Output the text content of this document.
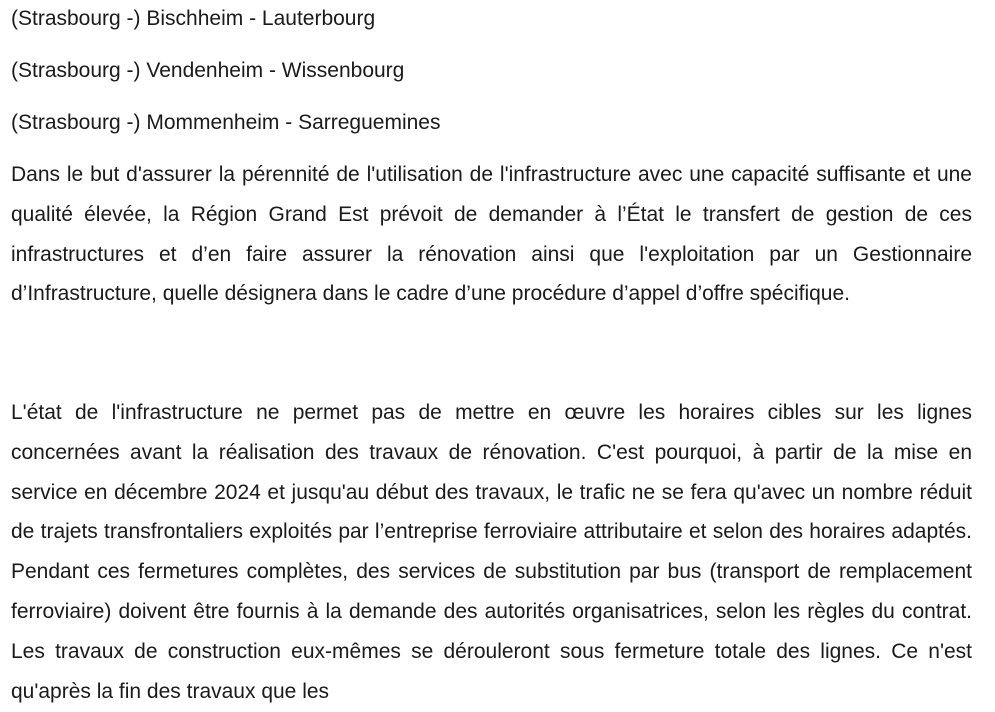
(Strasbourg -) Bischheim - Lauterbourg

(Strasbourg -) Vendenheim - Wissenbourg

(Strasbourg -) Mommenheim - Sarreguemines

Dans le but d'assurer la pérennité de l'utilisation de l'infrastructure avec une capacité suffisante et une qualité élevée, la Région Grand Est prévoit de demander à l’État le transfert de gestion de ces infrastructures et d’en faire assurer la rénovation ainsi que l'exploitation par un Gestionnaire d’Infrastructure, quelle désignera dans le cadre d’une procédure d’appel d’offre spécifique.

L'état de l'infrastructure ne permet pas de mettre en œuvre les horaires cibles sur les lignes concernées avant la réalisation des travaux de rénovation. C'est pourquoi, à partir de la mise en service en décembre 2024 et jusqu'au début des travaux, le trafic ne se fera qu'avec un nombre réduit de trajets transfrontaliers exploités par l’entreprise ferroviaire attributaire et selon des horaires adaptés. Pendant ces fermetures complètes, des services de substitution par bus (transport de remplacement ferroviaire) doivent être fournis à la demande des autorités organisatrices, selon les règles du contrat. Les travaux de construction eux-mêmes se dérouleront sous fermeture totale des lignes. Ce n'est qu'après la fin des travaux que les
